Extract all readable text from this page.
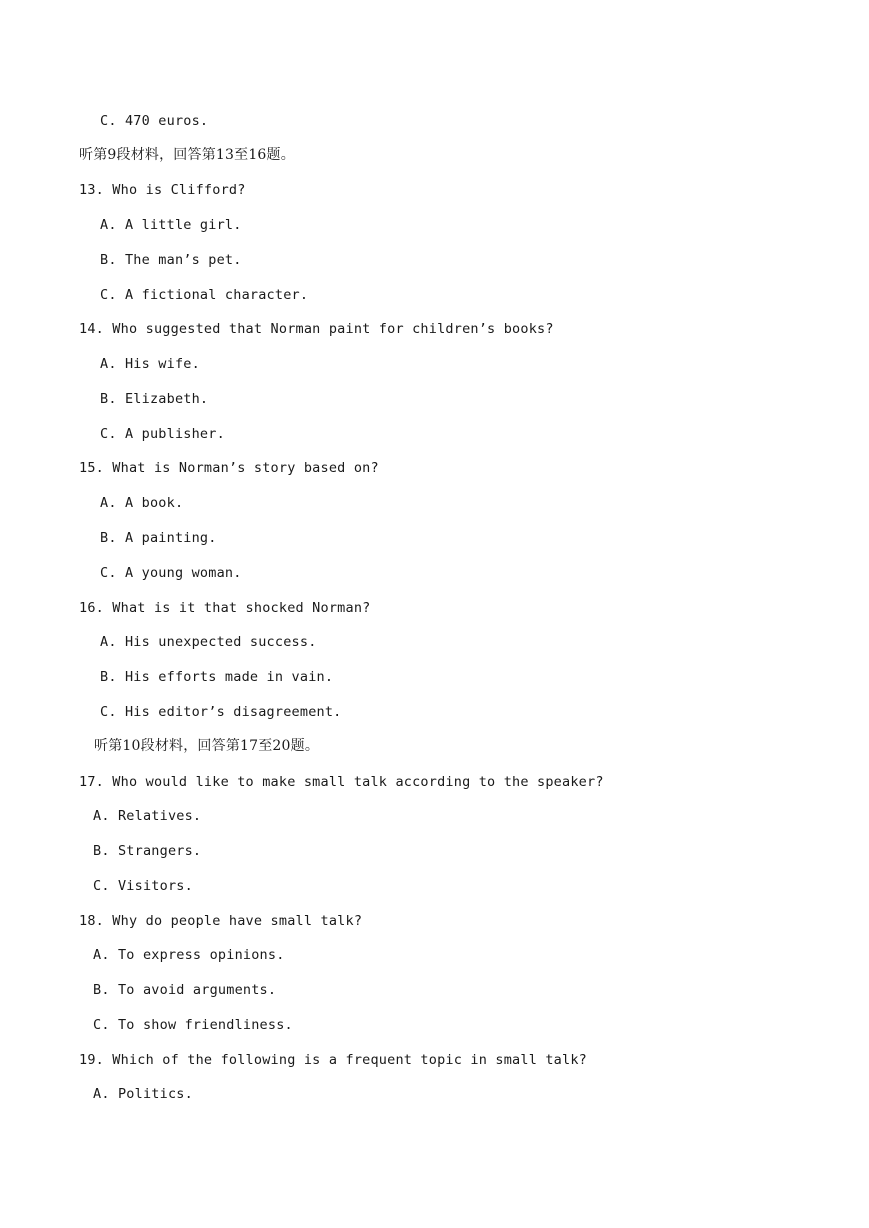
C. 470 euros.
听第9段材料，回答第13至16题。
13. Who is Clifford?
A. A little girl.
B. The man’s pet.
C. A fictional character.
14. Who suggested that Norman paint for children’s books?
A. His wife.
B. Elizabeth.
C. A publisher.
15. What is Norman’s story based on?
A. A book.
B. A painting.
C. A young woman.
16. What is it that shocked Norman?
A. His unexpected success.
B. His efforts made in vain.
C. His editor’s disagreement.
听第10段材料，回答第17至20题。
17. Who would like to make small talk according to the speaker?
A. Relatives.
B. Strangers.
C. Visitors.
18. Why do people have small talk?
A. To express opinions.
B. To avoid arguments.
C. To show friendliness.
19. Which of the following is a frequent topic in small talk?
A. Politics.
